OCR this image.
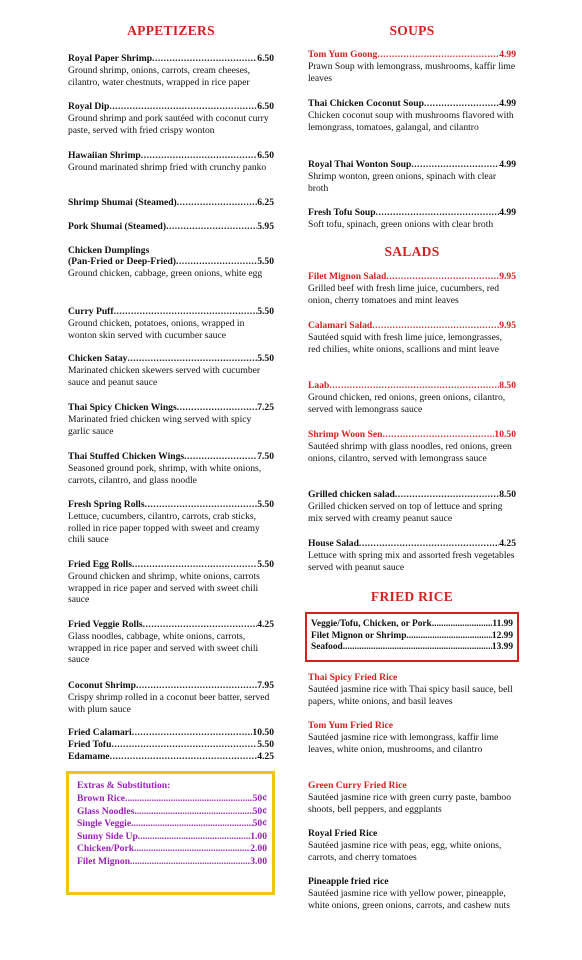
APPETIZERS
Royal Paper Shrimp .....	6.50
Ground shrimp, onions, carrots, cream cheeses, cilantro, water chestnuts, wrapped in rice paper
Royal Dip .....	6.50
Ground shrimp and pork sautéed with coconut curry paste, served with fried crispy wonton
Hawaiian Shrimp .....	6.50
Ground marinated shrimp fried with crunchy panko
Shrimp Shumai (Steamed) .....	6.25
Pork Shumai (Steamed) .....	5.95
Chicken Dumplings
(Pan-Fried or Deep-Fried) .....	5.50
Ground chicken, cabbage, green onions, white egg
Curry Puff .....	5.50
Ground chicken, potatoes, onions, wrapped in wonton skin served with cucumber sauce
Chicken Satay .....	5.50
Marinated chicken skewers served with cucumber sauce and peanut sauce
Thai Spicy Chicken Wings .....	7.25
Marinated fried chicken wing served with spicy garlic sauce
Thai Stuffed Chicken Wings .....	7.50
Seasoned ground pork, shrimp, with white onions, carrots, cilantro, and glass noodle
Fresh Spring Rolls .....	5.50
Lettuce, cucumbers, cilantro, carrots, crab sticks, rolled in rice paper topped with sweet and creamy chili sauce
Fried Egg Rolls .....	5.50
Ground chicken and shrimp, white onions, carrots wrapped in rice paper and served with sweet chili sauce
Fried Veggie Rolls .....	4.25
Glass noodles, cabbage, white onions, carrots, wrapped in rice paper and served with sweet chili sauce
Coconut Shrimp .....	7.95
Crispy shrimp rolled in a coconut beer batter, served with plum sauce
Fried Calamari .....	10.50
Fried Tofu .....	5.50
Edamame .....	4.25
Extras & Substitution:
Brown Rice .....	50¢
Glass Noodles .....	50¢
Single Veggie .....	50¢
Sunny Side Up .....	1.00
Chicken/Pork .....	2.00
Filet Mignon .....	3.00
SOUPS
Tom Yum Goong .....	4.99
Prawn Soup with lemongrass, mushrooms, kaffir lime leaves
Thai Chicken Coconut Soup .....	4.99
Chicken coconut soup with mushrooms flavored with lemongrass, tomatoes, galangal, and cilantro
Royal Thai Wonton Soup .....	4.99
Shrimp wonton, green onions, spinach with clear broth
Fresh Tofu Soup .....	4.99
Soft tofu, spinach, green onions with clear broth
SALADS
Filet Mignon Salad .....	9.95
Grilled beef with fresh lime juice, cucumbers, red onion, cherry tomatoes and mint leaves
Calamari Salad .....	9.95
Sautéed squid with fresh lime juice, lemongrasses, red chilies, white onions, scallions and mint leave
Laab .....	8.50
Ground chicken, red onions, green onions, cilantro, served with lemongrass sauce
Shrimp Woon Sen .....	10.50
Sautéed shrimp with glass noodles, red onions, green onions, cilantro, served with lemongrass sauce
Grilled chicken salad .....	8.50
Grilled chicken served on top of lettuce and spring mix served with creamy peanut sauce
House Salad .....	4.25
Lettuce with spring mix and assorted fresh vegetables served with peanut sauce
FRIED RICE
Veggie/Tofu, Chicken, or Pork .....	11.99
Filet Mignon or Shrimp .....	12.99
Seafood .....	13.99
Thai Spicy Fried Rice
Sautéed jasmine rice with Thai spicy basil sauce, bell papers, white onions, and basil leaves
Tom Yum Fried Rice
Sautéed jasmine rice with lemongrass, kaffir lime leaves, white onion, mushrooms, and cilantro
Green Curry Fried Rice
Sautéed jasmine rice with green curry paste, bamboo shoots, bell peppers, and eggplants
Royal Fried Rice
Sautéed jasmine rice with peas, egg, white onions, carrots, and cherry tomatoes
Pineapple fried rice
Sautéed jasmine rice with yellow power, pineapple, white onions, green onions, carrots, and cashew nuts
